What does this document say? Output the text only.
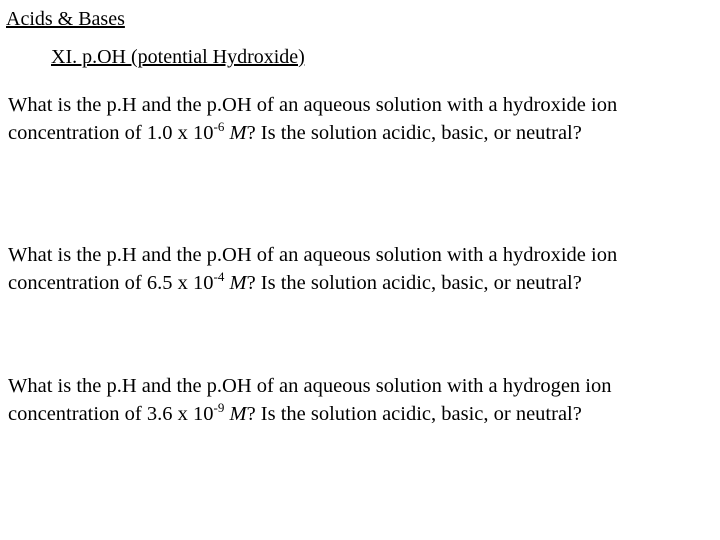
Acids & Bases
XI. p.OH (potential Hydroxide)

What is the p.H and the p.OH of an aqueous solution with a hydroxide ion
concentration of 1.0 x $10^{-6}$ M? Is the solution acidic, basic, or neutral?

What is the p.H and the p.OH of an aqueous solution with a hydroxide ion
concentration of 6.5 x $10^{-4}$ M? Is the solution acidic, basic, or neutral?

What is the p.H and the p.OH of an aqueous solution with a hydrogen ion
concentration of 3.6 x $10^{-9}$ M? Is the solution acidic, basic, or neutral?
